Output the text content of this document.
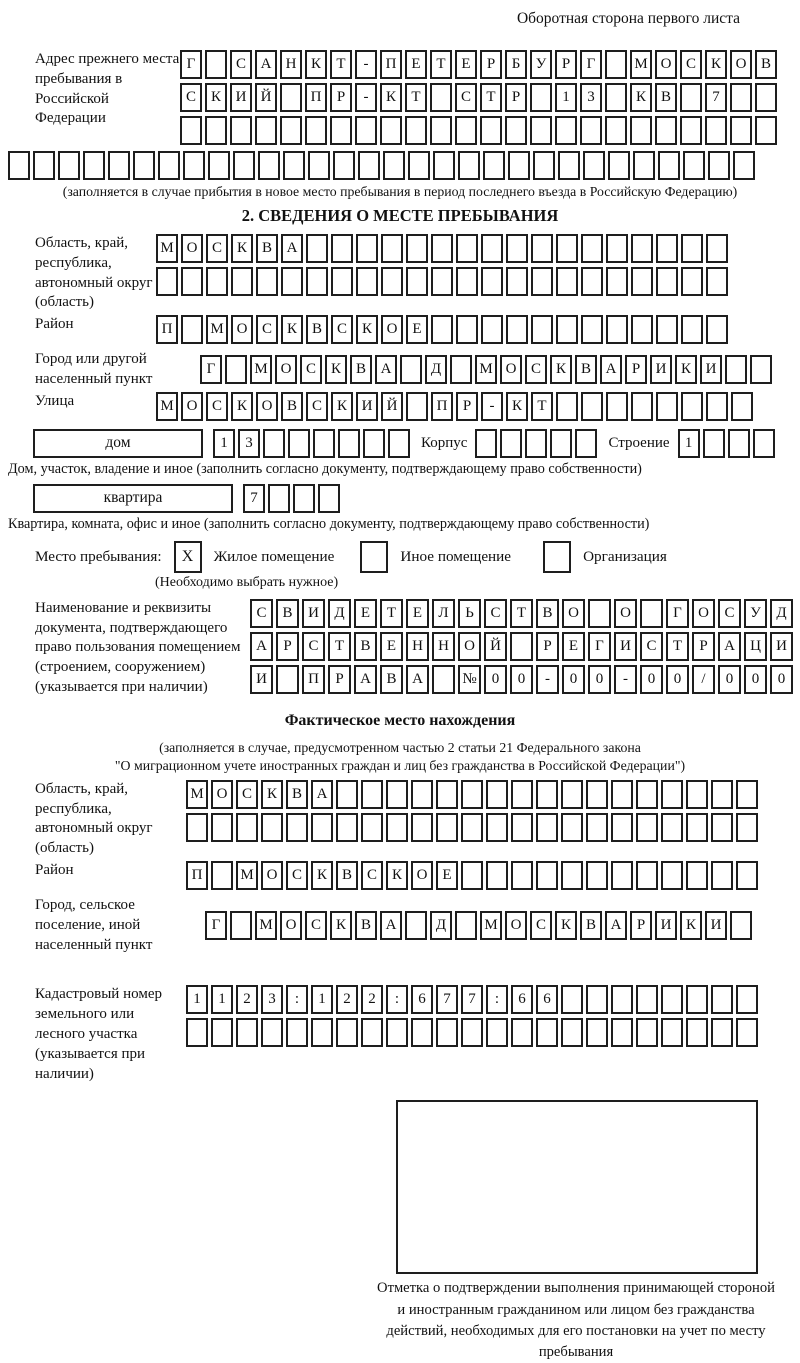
Оборотная сторона первого листа
Адрес прежнего места пребывания в Российской Федерации
Г	С А Н К	Т	-	П Е	Т	Е	Р	Б	У	Р	Г	М О С К О В
С К И Й	П	Р	-	К	Т	С	Т	Р	1	3	К В	7
(заполняется в случае прибытия в новое место пребывания в период последнего въезда в Российскую Федерацию)
2. СВЕДЕНИЯ О МЕСТЕ ПРЕБЫВАНИЯ
Область, край, республика, автономный округ (область)
М О С К В А
Район	П	М О С К В С К О Е
Город или другой населенный пункт
Г	М О С К В А	Д	М О С К В А	Р	И К И
Улица	М О С К О В С К И Й	П	Р	-	К	Т
дом	1	3	Корпус	Строение	1
Дом, участок, владение и иное (заполнить согласно документу, подтверждающему право собственности)
квартира	7
Квартира, комната, офис и иное (заполнить согласно документу, подтверждающему право собственности)
Место пребывания:	X	Жилое помещение	Иное помещение	Организация
(Необходимо выбрать нужное)
Наименование и реквизиты документа, подтверждающего право пользования помещением (строением, сооружением) (указывается при наличии)
С	В	И	Д	Е	Т	Е	Л	Ь	С	Т	В	О	О	Г	О	С	У	Д
А	Р	С	Т	В	Е	Н	Н	О	Й	Р	Е	Г	И	С	Т	Р	А	Ц	И
И	П	Р	А	В	А	№	0	0	-	0	0	-	0	0	/	0	0	0
Фактическое место нахождения
(заполняется в случае, предусмотренном частью 2 статьи 21 Федерального закона
"О миграционном учете иностранных граждан и лиц без гражданства в Российской Федерации")
Область, край, республика, автономный округ (область)
М О С К В А
Район	П	М О С К В С К О Е
Город, сельское поселение, иной населенный пункт
Г	М О С К В А	Д	М О С К В А	Р	И К И
Кадастровый номер земельного или лесного участка (указывается при наличии)
1	1	2	3	:	1	2	2	:	6	7	7	:	6	6
Отметка о подтверждении выполнения принимающей стороной и иностранным гражданином или лицом без гражданства действий, необходимых для его постановки на учет по месту пребывания
